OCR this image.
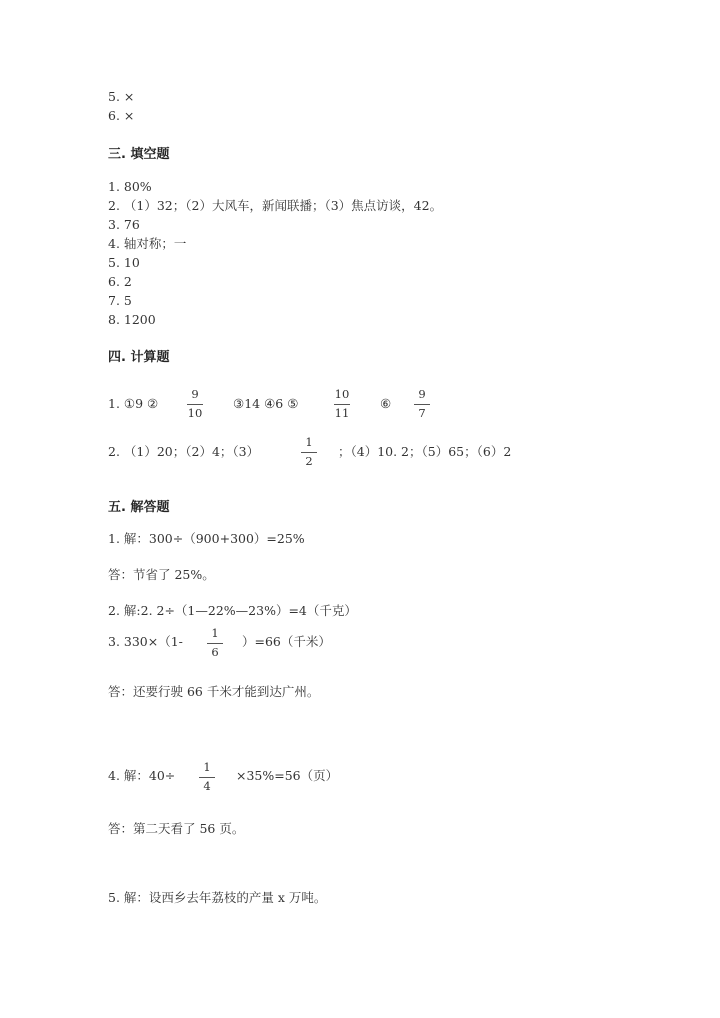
5. ×
6. ×
三. 填空题
1. 80%
2. （1）32；（2）大风车，新闻联播；（3）焦点访谈，42。
3. 76
4. 轴对称；一
5. 10
6. 2
7. 5
8. 1200
四. 计算题
1. ①9 ②
9
10
③14 ④6 ⑤
10
11
⑥
9
7
2. （1）20；（2）4；（3）
1
2
；（4）10. 2；（5）65；（6）2
五. 解答题
1. 解：300÷（900+300）=25%
答：节省了 25%。
2. 解:2. 2÷（1—22%—23%）=4（千克）
3. 330×（1-
1
6
）=66（千米）
答：还要行驶 66 千米才能到达广州。
4. 解：40÷
1
4
×35%=56（页）
答：第二天看了 56 页。
5. 解：设西乡去年荔枝的产量 x 万吨。
